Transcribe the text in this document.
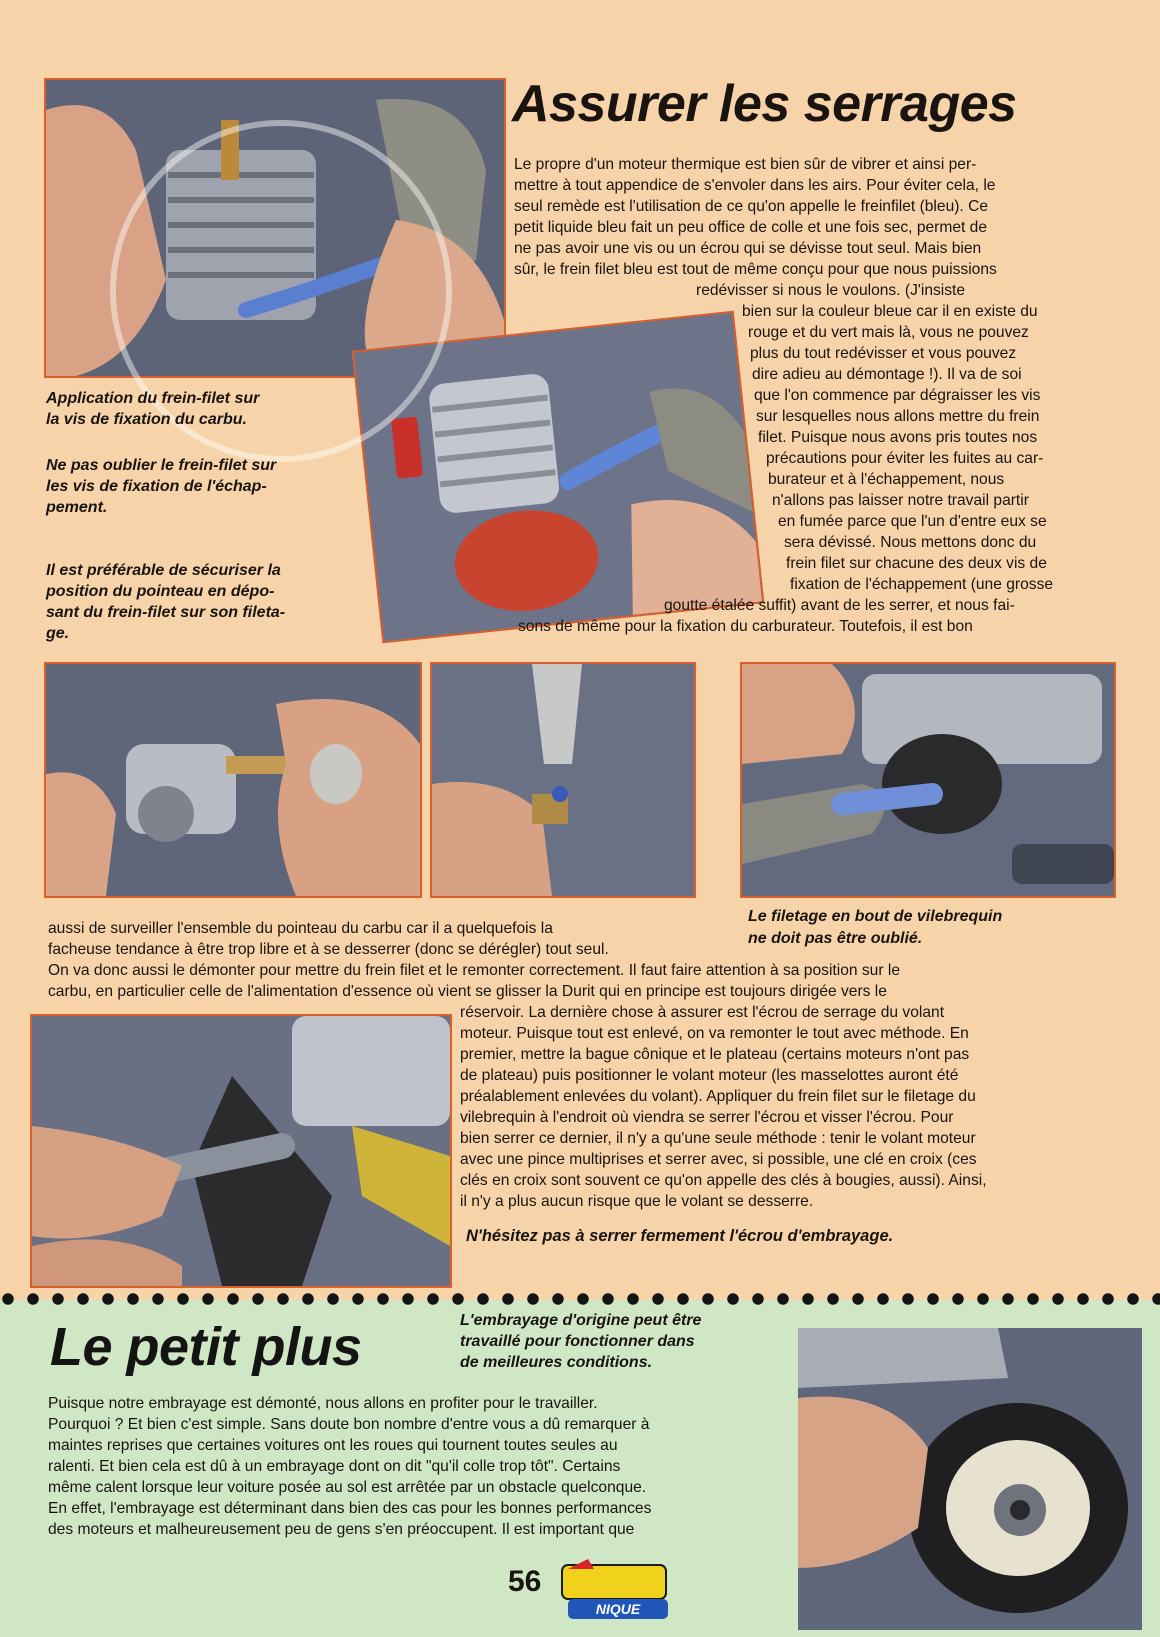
Assurer les serrages

Le propre d'un moteur thermique est bien sûr de vibrer et ainsi per-

mettre à tout appendice de s'envoler dans les airs. Pour éviter cela, le

seul remède est l'utilisation de ce qu'on appelle le freinfilet (bleu). Ce

petit liquide bleu fait un peu office de colle et une fois sec, permet de

ne pas avoir une vis ou un écrou qui se dévisse tout seul. Mais bien

sûr, le frein filet bleu est tout de même conçu pour que nous puissions

Application du frein-filet sur

la vis de fixation du carbu.

Ne pas oublier le frein-filet sur

les vis de fixation de l'échap-

pement.

Il est préférable de sécuriser la

position du pointeau en dépo-

sant du frein-filet sur son fileta-

ge.

redévisser si nous le voulons. (J'insiste

bien sur la couleur bleue car il en existe du

rouge et du vert mais là, vous ne pouvez

plus du tout redévisser et vous pouvez

dire adieu au démontage !). Il va de soi

que l'on commence par dégraisser les vis

sur lesquelles nous allons mettre du frein

filet. Puisque nous avons pris toutes nos

précautions pour éviter les fuites au car-

burateur et à l'échappement, nous

n'allons pas laisser notre travail partir

en fumée parce que l'un d'entre eux se

sera dévissé. Nous mettons donc du

frein filet sur chacune des deux vis de

fixation de l'échappement (une grosse

goutte étalée suffit) avant de les serrer, et nous fai-

sons de même pour la fixation du carburateur. Toutefois, il est bon

Le filetage en bout de vilebrequin

ne doit pas être oublié.

aussi de surveiller l'ensemble du pointeau du carbu car il a quelquefois la

facheuse tendance à être trop libre et à se desserrer (donc se dérégler) tout seul.

On va donc aussi le démonter pour mettre du frein filet et le remonter correctement. Il faut faire attention à sa position sur le

carbu, en particulier celle de l'alimentation d'essence où vient se glisser la Durit qui en principe est toujours dirigée vers le

réservoir. La dernière chose à assurer est l'écrou de serrage du volant

moteur. Puisque tout est enlevé, on va remonter le tout avec méthode. En

premier, mettre la bague cônique et le plateau (certains moteurs n'ont pas

de plateau) puis positionner le volant moteur (les masselottes auront été

préalablement enlevées du volant). Appliquer du frein filet sur le filetage du

vilebrequin à l'endroit où viendra se serrer l'écrou et visser l'écrou. Pour

bien serrer ce dernier, il n'y a qu'une seule méthode : tenir le volant moteur

avec une pince multiprises et serrer avec, si possible, une clé en croix (ces

clés en croix sont souvent ce qu'on appelle des clés à bougies, aussi). Ainsi,

il n'y a plus aucun risque que le volant se desserre.

N'hésitez pas à serrer fermement l'écrou d'embrayage.

Le petit plus	L'embrayage d'origine peut être

travaillé pour fonctionner dans

de meilleures conditions.

Puisque notre embrayage est démonté, nous allons en profiter pour le travailler.

Pourquoi ? Et bien c'est simple. Sans doute bon nombre d'entre vous a dû remarquer à

maintes reprises que certaines voitures ont les roues qui tournent toutes seules au

ralenti. Et bien cela est dû à un embrayage dont on dit "qu'il colle trop tôt". Certains

même calent lorsque leur voiture posée au sol est arrêtée par un obstacle quelconque.

En effet, l'embrayage est déterminant dans bien des cas pour les bonnes performances

des moteurs et malheureusement peu de gens s'en préoccupent. Il est important que

56

NIQUE
